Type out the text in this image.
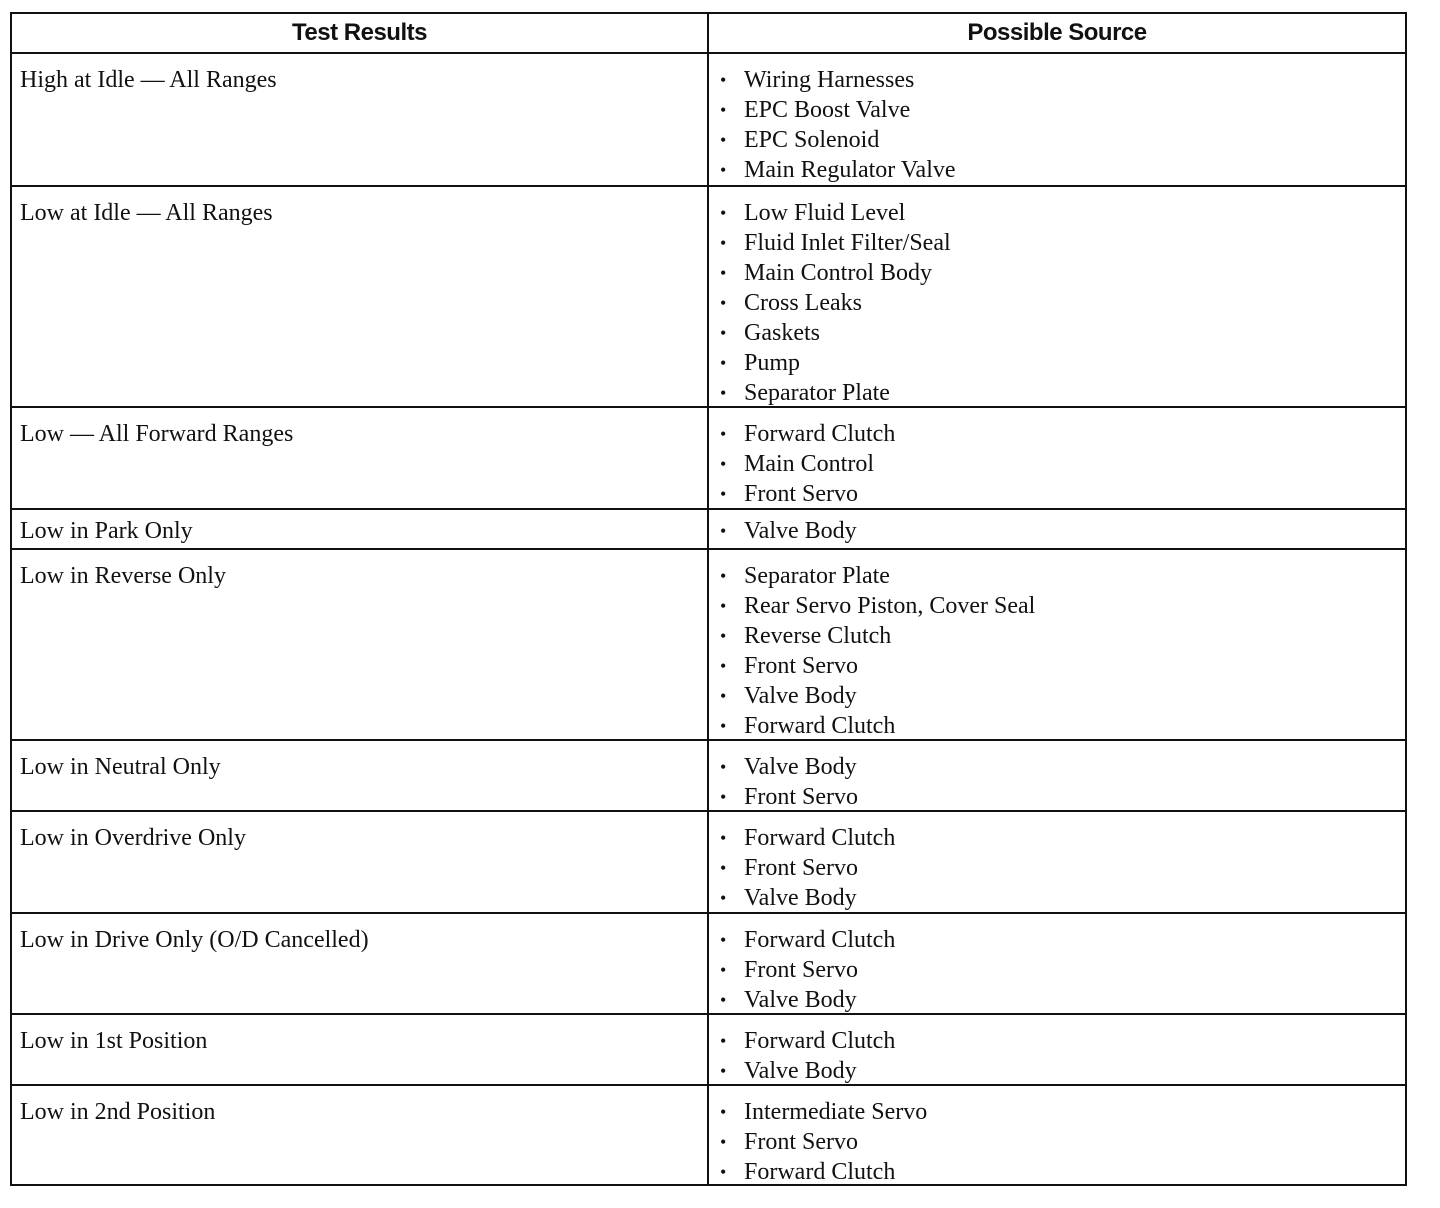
Test Results	Possible Source
High at Idle — All Ranges	• Wiring Harnesses
• EPC Boost Valve
• EPC Solenoid
• Main Regulator Valve
Low at Idle — All Ranges	• Low Fluid Level
• Fluid Inlet Filter/Seal
• Main Control Body
• Cross Leaks
• Gaskets
• Pump
• Separator Plate
Low — All Forward Ranges	• Forward Clutch
• Main Control
• Front Servo
Low in Park Only	• Valve Body
Low in Reverse Only	• Separator Plate
• Rear Servo Piston, Cover Seal
• Reverse Clutch
• Front Servo
• Valve Body
• Forward Clutch
Low in Neutral Only	• Valve Body
• Front Servo
Low in Overdrive Only	• Forward Clutch
• Front Servo
• Valve Body
Low in Drive Only (O/D Cancelled)	• Forward Clutch
• Front Servo
• Valve Body
Low in 1st Position	• Forward Clutch
• Valve Body
Low in 2nd Position	• Intermediate Servo
• Front Servo
• Forward Clutch
